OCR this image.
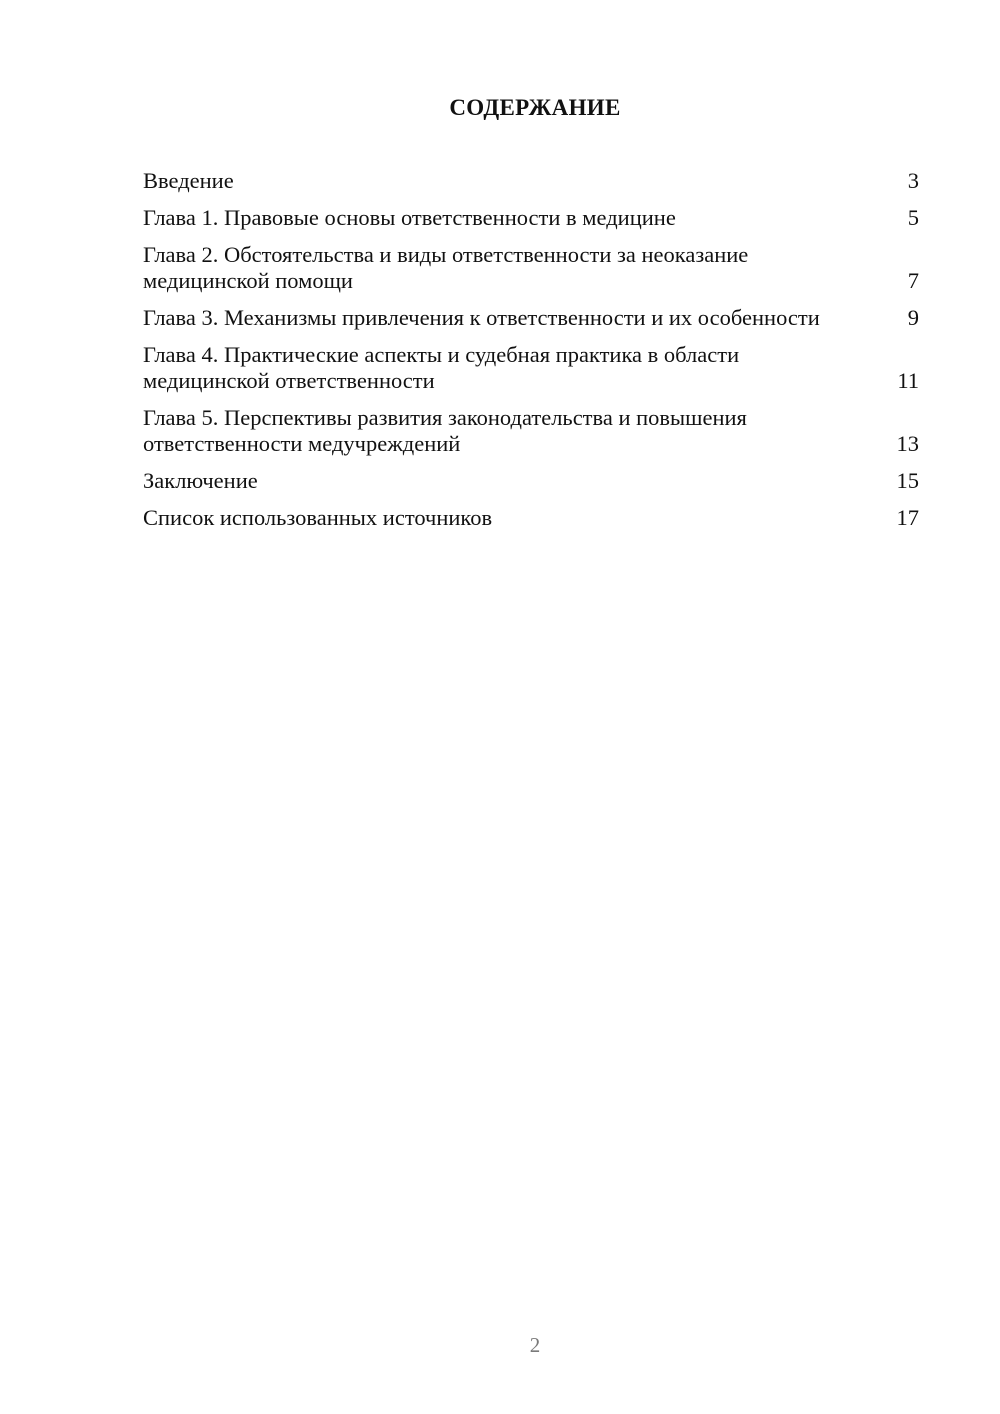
СОДЕРЖАНИЕ
Введение	3
Глава 1. Правовые основы ответственности в медицине	5
Глава 2. Обстоятельства и виды ответственности за неоказание медицинской помощи	7
Глава 3. Механизмы привлечения к ответственности и их особенности	9
Глава 4. Практические аспекты и судебная практика в области медицинской ответственности	11
Глава 5. Перспективы развития законодательства и повышения ответственности медучреждений	13
Заключение	15
Список использованных источников	17
2
